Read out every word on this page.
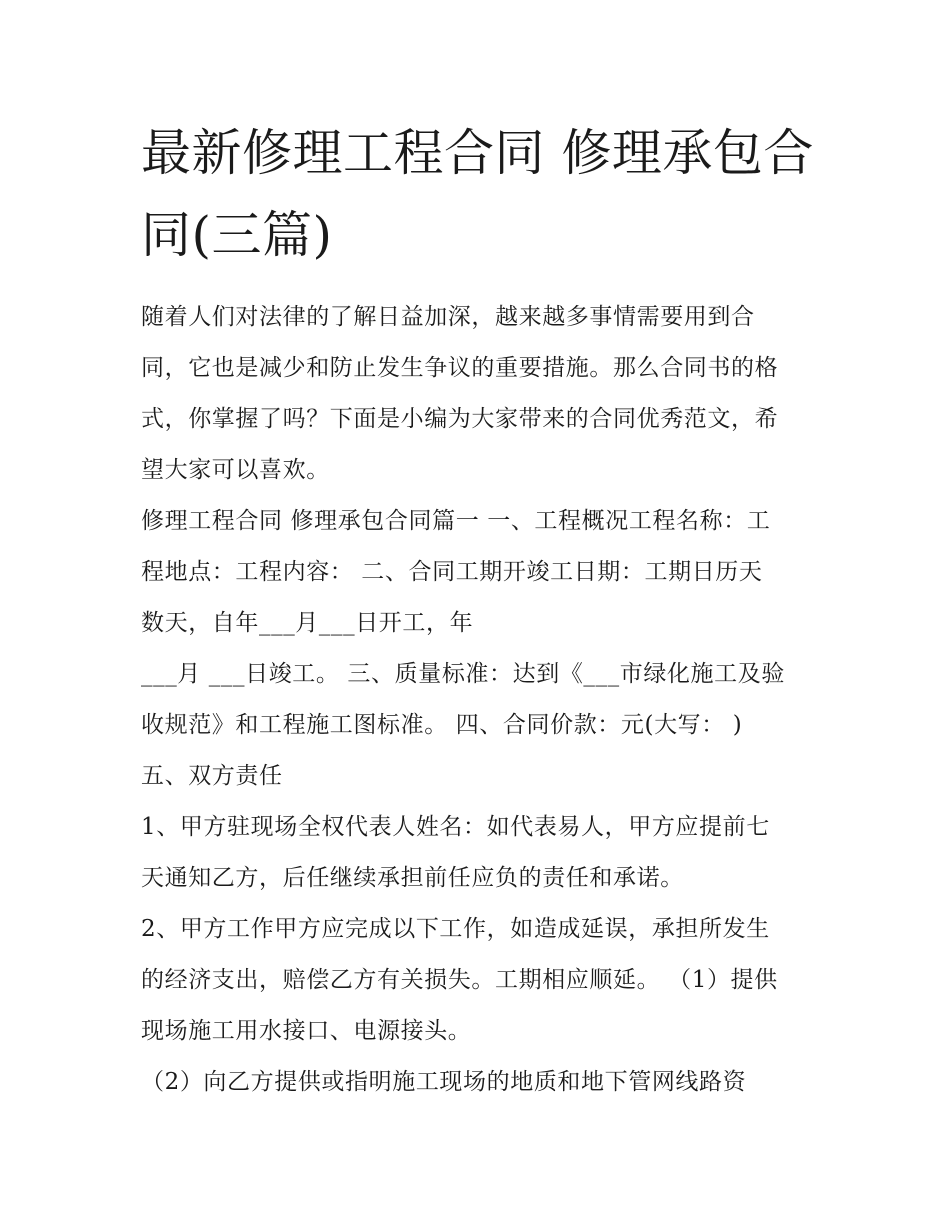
最新修理工程合同 修理承包合
同(三篇)

随着人们对法律的了解日益加深，越来越多事情需要用到合
同，它也是减少和防止发生争议的重要措施。那么合同书的格
式，你掌握了吗？下面是小编为大家带来的合同优秀范文，希
望大家可以喜欢。

修理工程合同 修理承包合同篇一 一、工程概况工程名称：工
程地点：工程内容： 二、合同工期开竣工日期：工期日历天
数天，自年___月___日开工，年
___月 ___日竣工。 三、质量标准：达到《___市绿化施工及验
收规范》和工程施工图标准。 四、合同价款：元(大写： )

五、双方责任

1、甲方驻现场全权代表人姓名：如代表易人，甲方应提前七
天通知乙方，后任继续承担前任应负的责任和承诺。

2、甲方工作甲方应完成以下工作，如造成延误，承担所发生
的经济支出，赔偿乙方有关损失。工期相应顺延。 （1）提供
现场施工用水接口、电源接头。

（2）向乙方提供或指明施工现场的地质和地下管网线路资
